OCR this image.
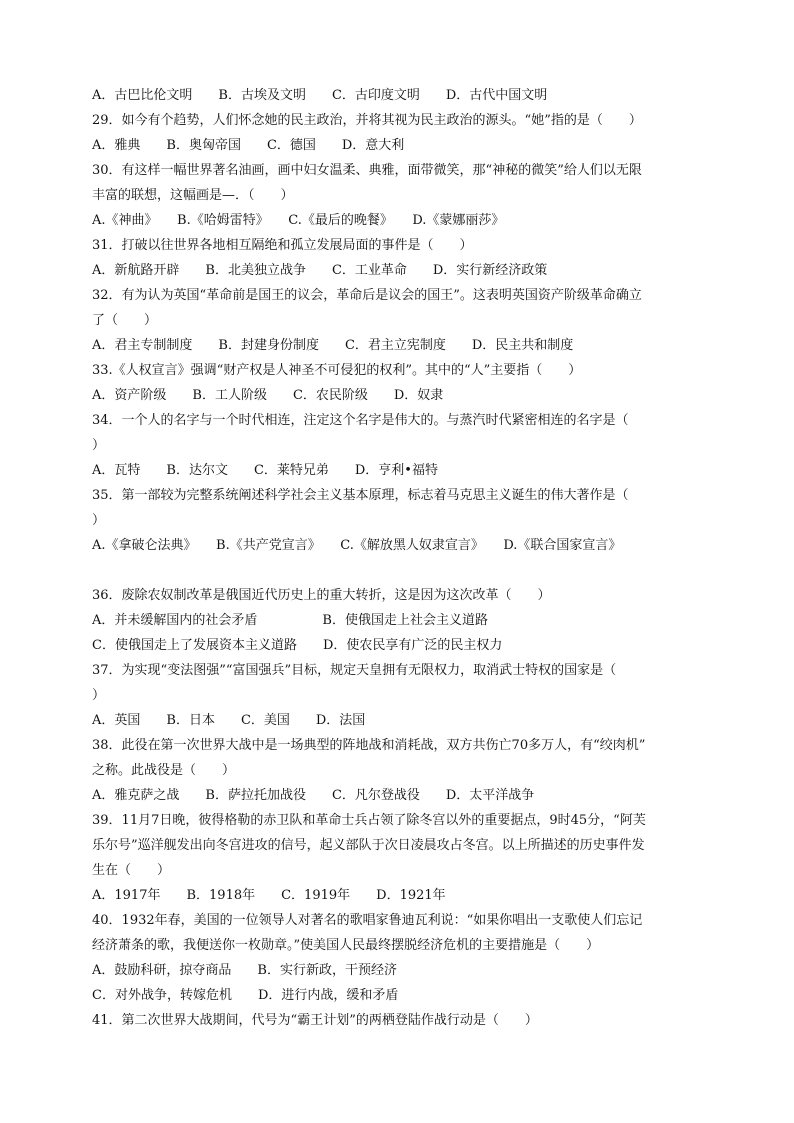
A．古巴比伦文明　　B．古埃及文明　　C．古印度文明　　D．古代中国文明
29．如今有个趋势，人们怀念她的民主政治，并将其视为民主政治的源头。“她”指的是（　　）
A．雅典　　B．奥匈帝国　　C．德国　　D．意大利
30．有这样一幅世界著名油画，画中妇女温柔、典雅，面带微笑，那“神秘的微笑”给人们以无限
丰富的联想，这幅画是—．（　　）
A.《神曲》　　B.《哈姆雷特》　　C.《最后的晚餐》　　D.《蒙娜丽莎》
31．打破以往世界各地相互隔绝和孤立发展局面的事件是（　　）
A．新航路开辟　　B．北美独立战争　　C．工业革命　　D．实行新经济政策
32．有为认为英国“革命前是国王的议会，革命后是议会的国王”。这表明英国资产阶级革命确立
了（　　）
A．君主专制制度　　B．封建身份制度　　C．君主立宪制度　　D．民主共和制度
33.《人权宣言》强调“财产权是人神圣不可侵犯的权利”。其中的“人”主要指（　　）
A．资产阶级　　B．工人阶级　　C．农民阶级　　D．奴隶
34．一个人的名字与一个时代相连，注定这个名字是伟大的。与蒸汽时代紧密相连的名字是（
）
A．瓦特　　B．达尔文　　C．莱特兄弟　　D．亨利•福特
35．第一部较为完整系统阐述科学社会主义基本原理，标志着马克思主义诞生的伟大著作是（
）
A.《拿破仑法典》　　B.《共产党宣言》　　C.《解放黑人奴隶宣言》　　D.《联合国家宣言》
36．废除农奴制改革是俄国近代历史上的重大转折，这是因为这次改革（　　）
A．并未缓解国内的社会矛盾　　　　　B．使俄国走上社会主义道路
C．使俄国走上了发展资本主义道路　　D．使农民享有广泛的民主权力
37．为实现“变法图强”“富国强兵”目标，规定天皇拥有无限权力，取消武士特权的国家是（
）
A．英国　　B．日本　　C．美国　　D．法国
38．此役在第一次世界大战中是一场典型的阵地战和消耗战，双方共伤亡70多万人，有“绞肉机”
之称。此战役是（　　）
A．雅克萨之战　　B．萨拉托加战役　　C．凡尔登战役　　D．太平洋战争
39．11月7日晚，彼得格勒的赤卫队和革命士兵占领了除冬宫以外的重要据点，9时45分，“阿芙
乐尔号”巡洋舰发出向冬宫进攻的信号，起义部队于次日凌晨攻占冬宫。以上所描述的历史事件发
生在（　　）
A．1917年　　B．1918年　　C．1919年　　D．1921年
40．1932年春，美国的一位领导人对著名的歌唱家鲁迪瓦利说：“如果你唱出一支歌使人们忘记
经济萧条的歌，我便送你一枚勋章。”使美国人民最终摆脱经济危机的主要措施是（　　）
A．鼓励科研，掠夺商品　　B．实行新政，干预经济
C．对外战争，转嫁危机　　D．进行内战，缓和矛盾
41．第二次世界大战期间，代号为“霸王计划”的两栖登陆作战行动是（　　）
